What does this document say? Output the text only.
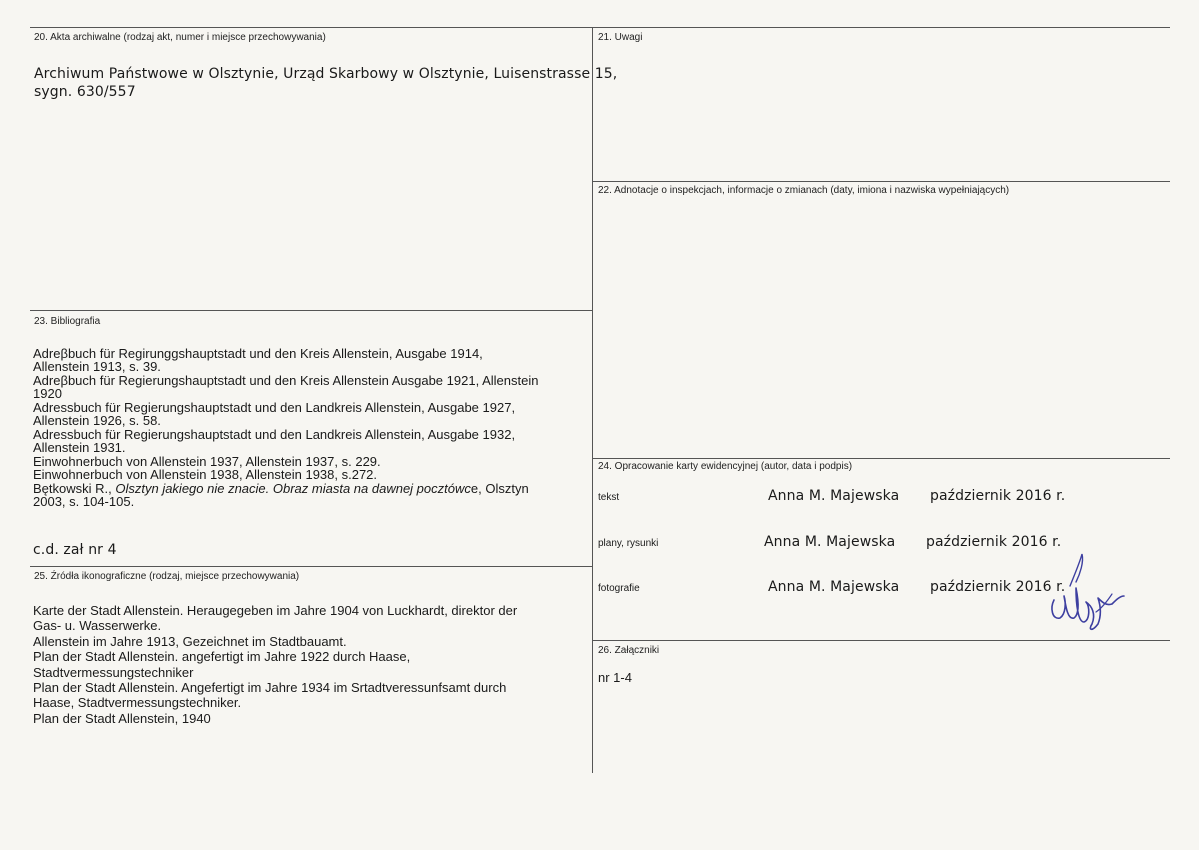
20. Akta archiwalne (rodzaj akt, numer i miejsce przechowywania)
Archiwum Państwowe w Olsztynie, Urząd Skarbowy w Olsztynie, Luisenstrasse 15,
sygn. 630/557
21. Uwagi
22. Adnotacje o inspekcjach, informacje o zmianach (daty, imiona i nazwiska wypełniających)
23. Bibliografia
Adreβbuch für Regirunggshauptstadt und den Kreis Allenstein, Ausgabe 1914,
Allenstein 1913, s. 39.
Adreβbuch für Regierungshauptstadt und den Kreis Allenstein Ausgabe 1921, Allenstein
1920
Adressbuch für Regierungshauptstadt und den Landkreis Allenstein, Ausgabe 1927,
Allenstein 1926, s. 58.
Adressbuch für Regierungshauptstadt und den Landkreis Allenstein, Ausgabe 1932,
Allenstein 1931.
Einwohnerbuch von Allenstein 1937, Allenstein 1937, s. 229.
Einwohnerbuch von Allenstein 1938, Allenstein 1938, s.272.
Bętkowski R., Olsztyn jakiego nie znacie. Obraz miasta na dawnej pocztówce, Olsztyn
2003, s. 104-105.
c.d. zał nr 4
24. Opracowanie karty ewidencyjnej (autor, data i podpis)
tekst	Anna M. Majewska październik 2016 r.
plany, rysunki	Anna M. Majewska październik 2016 r.
fotografie	Anna M. Majewska październik 2016 r.
25. Źródła ikonograficzne (rodzaj, miejsce przechowywania)
Karte der Stadt Allenstein. Heraugegeben im Jahre 1904 von Luckhardt, direktor der
Gas- u. Wasserwerke.
Allenstein im Jahre 1913, Gezeichnet im Stadtbauamt.
Plan der Stadt Allenstein. angefertigt im Jahre 1922 durch Haase,
Stadtvermessungstechniker
Plan der Stadt Allenstein. Angefertigt im Jahre 1934 im Srtadtveressunfsamt durch
Haase, Stadtvermessungstechniker.
Plan der Stadt Allenstein, 1940
26. Załączniki
nr 1-4
